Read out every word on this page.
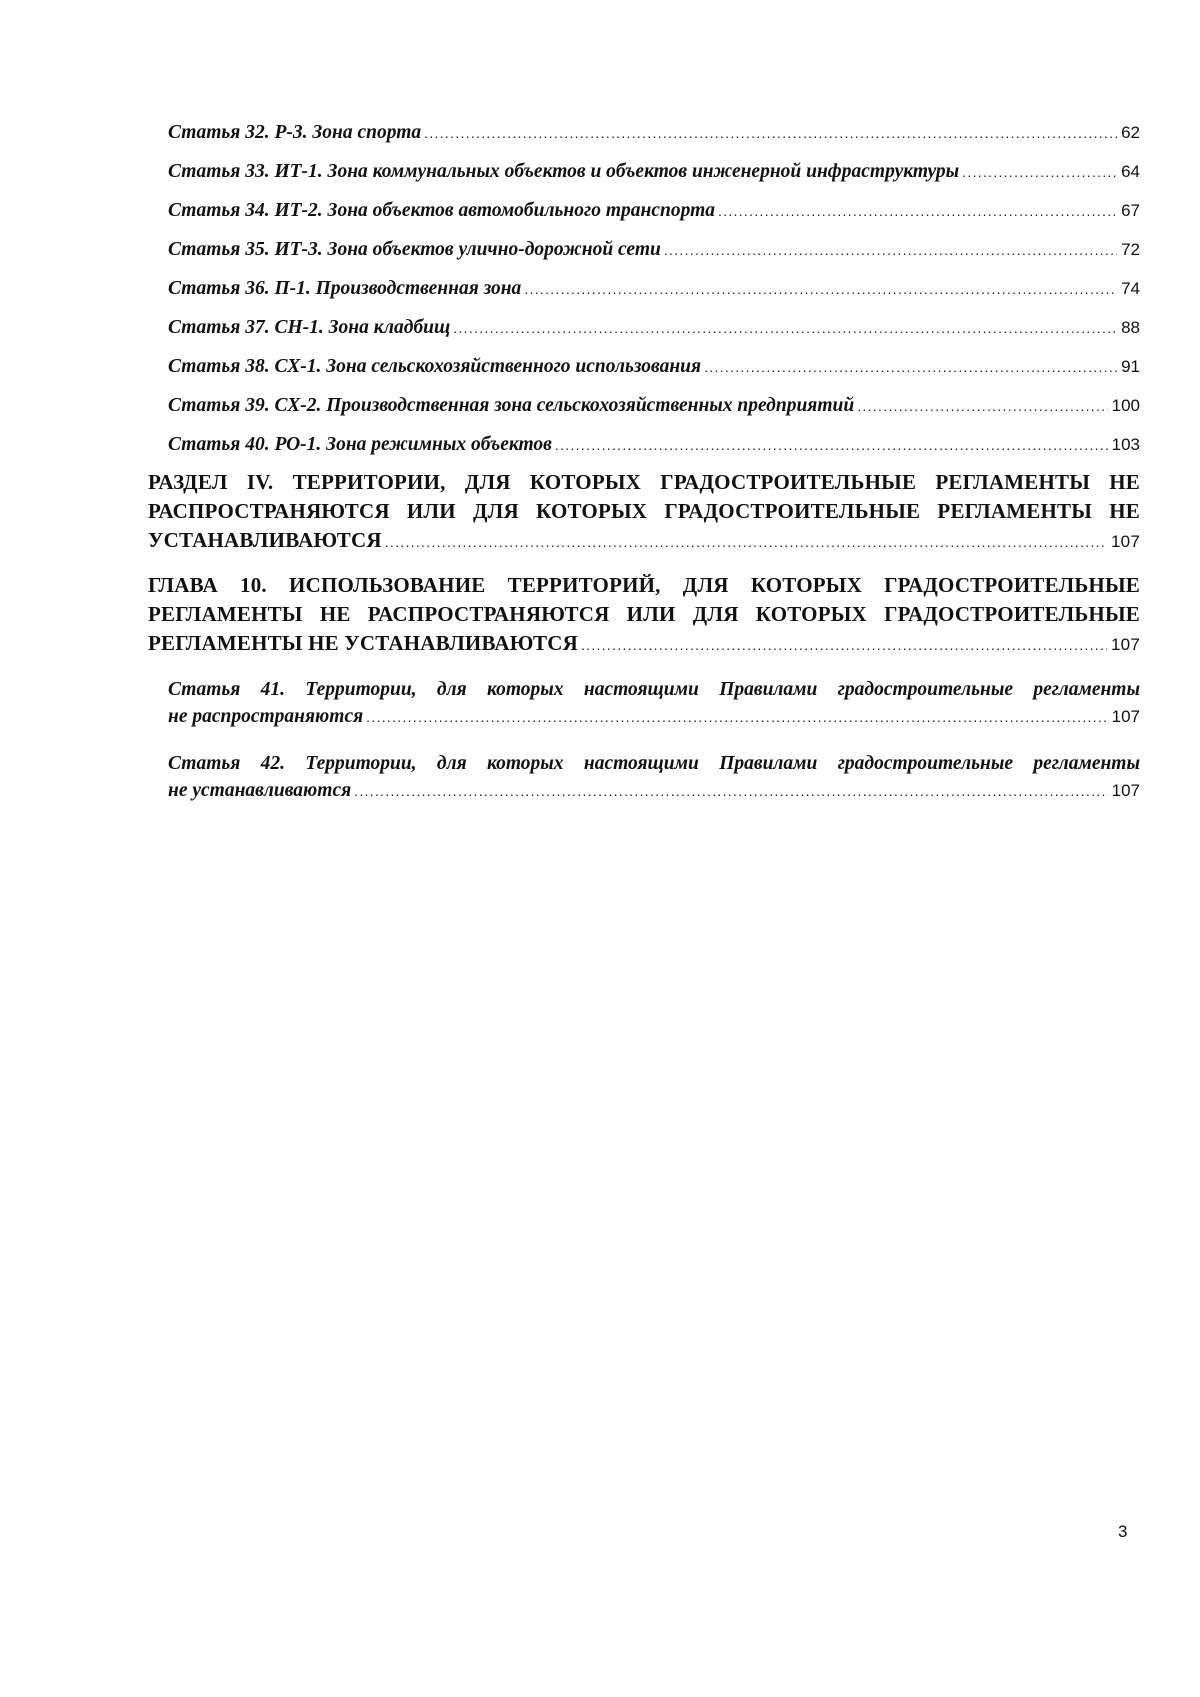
Статья 32. Р-3. Зона спорта .....	62
Статья 33. ИТ-1. Зона коммунальных объектов и объектов инженерной инфраструктуры .....	64
Статья 34. ИТ-2. Зона объектов автомобильного транспорта .....	67
Статья 35. ИТ-3. Зона объектов улично-дорожной сети .....	72
Статья 36. П-1. Производственная зона .....	74
Статья 37. СН-1. Зона кладбищ .....	88
Статья 38. СХ-1. Зона сельскохозяйственного использования .....	91
Статья 39. СХ-2. Производственная зона сельскохозяйственных предприятий .....	100
Статья 40. РО-1. Зона режимных объектов .....	103
РАЗДЕЛ IV. ТЕРРИТОРИИ, ДЛЯ КОТОРЫХ ГРАДОСТРОИТЕЛЬНЫЕ РЕГЛАМЕНТЫ НЕ
РАСПРОСТРАНЯЮТСЯ ИЛИ ДЛЯ КОТОРЫХ ГРАДОСТРОИТЕЛЬНЫЕ РЕГЛАМЕНТЫ НЕ
УСТАНАВЛИВАЮТСЯ .....	107
ГЛАВА 10. ИСПОЛЬЗОВАНИЕ ТЕРРИТОРИЙ, ДЛЯ КОТОРЫХ ГРАДОСТРОИТЕЛЬНЫЕ
РЕГЛАМЕНТЫ НЕ РАСПРОСТРАНЯЮТСЯ ИЛИ ДЛЯ КОТОРЫХ ГРАДОСТРОИТЕЛЬНЫЕ
РЕГЛАМЕНТЫ НЕ УСТАНАВЛИВАЮТСЯ .....	107
Статья 41. Территории, для которых настоящими Правилами градостроительные регламенты
не распространяются .....	107
Статья 42. Территории, для которых настоящими Правилами градостроительные регламенты
не устанавливаются .....	107
3
